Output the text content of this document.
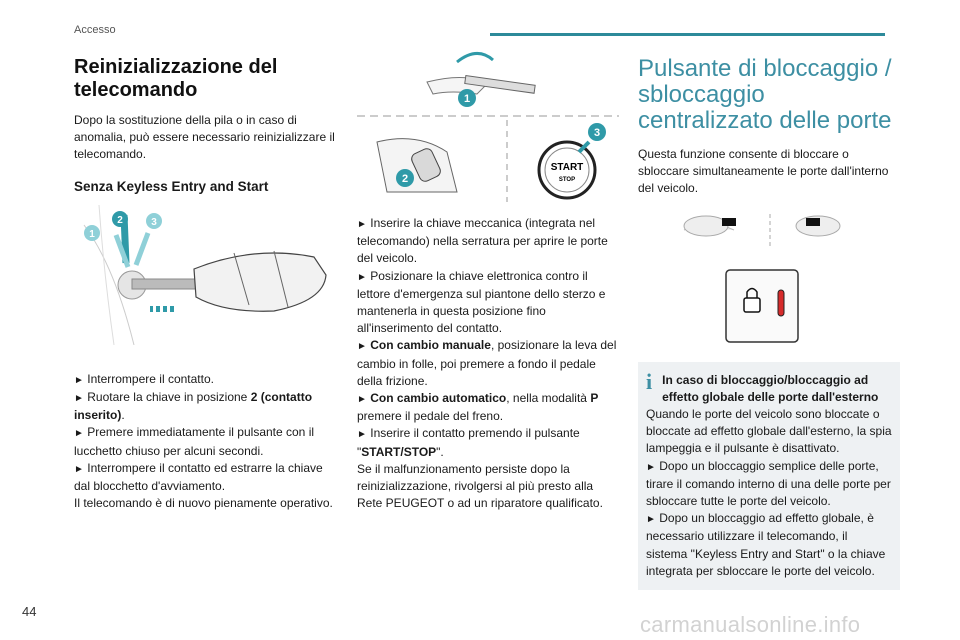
Accesso
Reinizializzazione del telecomando

Dopo la sostituzione della pila o in caso di anomalia, può essere necessario reinizializzare il telecomando.

Senza Keyless Entry and Start
1
2	3

► Interrompere il contatto.

► Ruotare la chiave in posizione 2 (contatto inserito).

► Premere immediatamente il pulsante con il lucchetto chiuso per alcuni secondi.

► Interrompere il contatto ed estrarre la chiave dal blocchetto d'avviamento.

Il telecomando è di nuovo pienamente operativo.

1
2
START
STOP
3

► Inserire la chiave meccanica (integrata nel telecomando) nella serratura per aprire le porte del veicolo.

► Posizionare la chiave elettronica contro il lettore d'emergenza sul piantone dello sterzo e mantenerla in questa posizione fino all'inserimento del contatto.

► Con cambio manuale, posizionare la leva del cambio in folle, poi premere a fondo il pedale della frizione.

► Con cambio automatico, nella modalità P premere il pedale del freno.

► Inserire il contatto premendo il pulsante "START/STOP".

Se il malfunzionamento persiste dopo la reinizializzazione, rivolgersi al più presto alla Rete PEUGEOT o ad un riparatore qualificato.

Pulsante di bloccaggio / sbloccaggio centralizzato delle porte

Questa funzione consente di bloccare o sbloccare simultaneamente le porte dall'interno del veicolo.

i In caso di bloccaggio/bloccaggio ad effetto globale delle porte dall'esterno

Quando le porte del veicolo sono bloccate o bloccate ad effetto globale dall'esterno, la spia lampeggia e il pulsante è disattivato.

► Dopo un bloccaggio semplice delle porte, tirare il comando interno di una delle porte per sbloccare tutte le porte del veicolo.

► Dopo un bloccaggio ad effetto globale, è necessario utilizzare il telecomando, il sistema "Keyless Entry and Start" o la chiave integrata per sbloccare le porte del veicolo.

44
carmanualsonline.info
